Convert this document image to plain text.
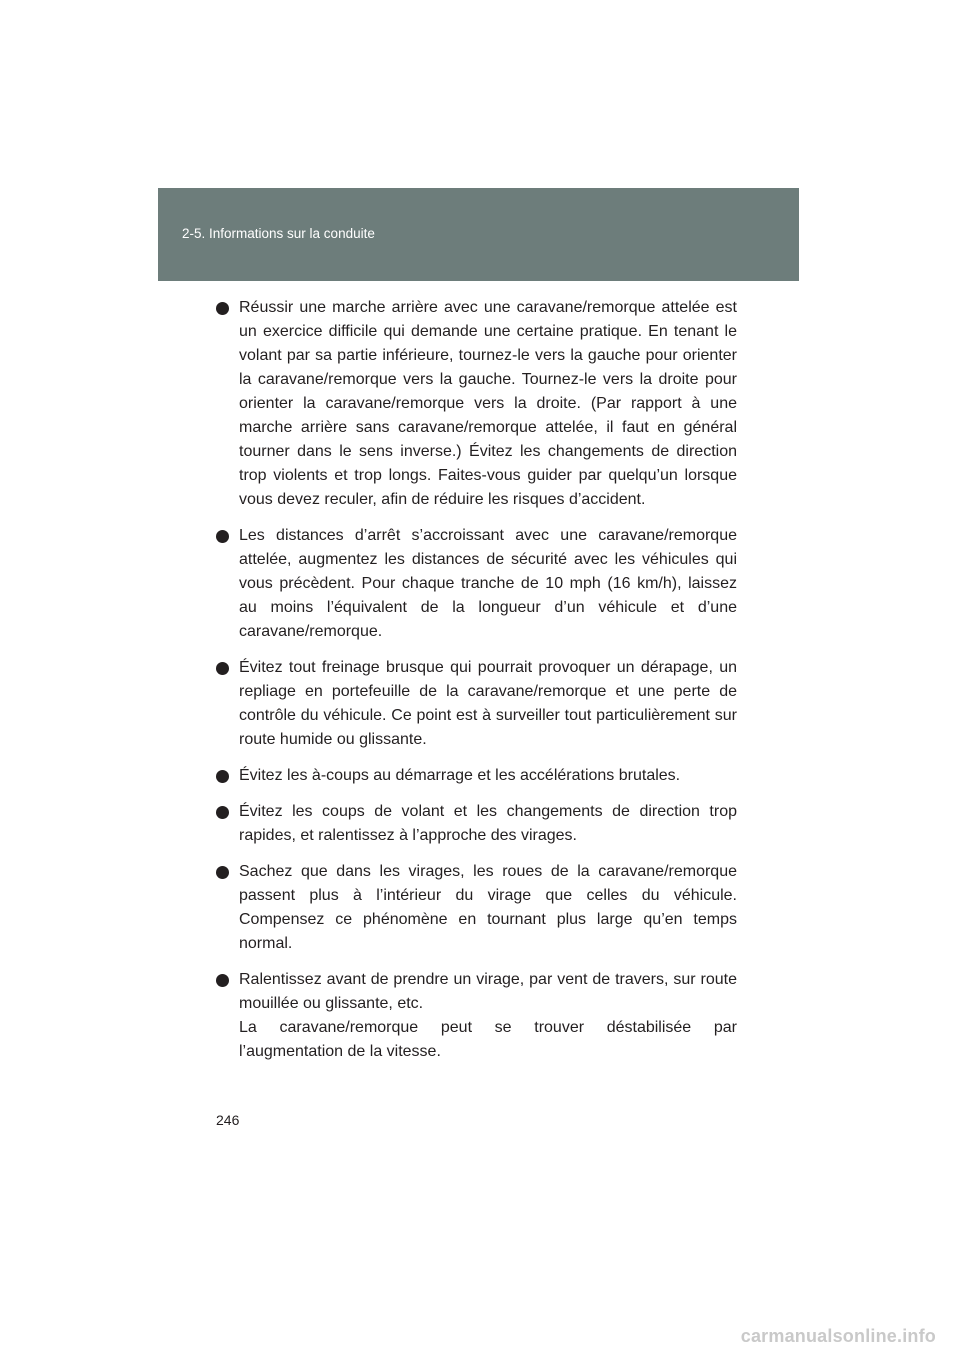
2-5. Informations sur la conduite
Réussir une marche arrière avec une caravane/remorque attelée est un exercice difficile qui demande une certaine pratique. En tenant le volant par sa partie inférieure, tournez-le vers la gauche pour orienter la caravane/remorque vers la gauche. Tournez-le vers la droite pour orienter la caravane/remorque vers la droite. (Par rapport à une marche arrière sans caravane/remorque attelée, il faut en général tourner dans le sens inverse.) Évitez les changements de direction trop violents et trop longs. Faites-vous guider par quelqu’un lorsque vous devez reculer, afin de réduire les risques d’accident.
Les distances d’arrêt s’accroissant avec une caravane/remorque attelée, augmentez les distances de sécurité avec les véhicules qui vous précèdent. Pour chaque tranche de 10 mph (16 km/h), laissez au moins l’équivalent de la longueur d’un véhicule et d’une caravane/remorque.
Évitez tout freinage brusque qui pourrait provoquer un dérapage, un repliage en portefeuille de la caravane/remorque et une perte de contrôle du véhicule. Ce point est à surveiller tout particulièrement sur route humide ou glissante.
Évitez les à-coups au démarrage et les accélérations brutales.
Évitez les coups de volant et les changements de direction trop rapides, et ralentissez à l’approche des virages.
Sachez que dans les virages, les roues de la caravane/remorque passent plus à l’intérieur du virage que celles du véhicule. Compensez ce phénomène en tournant plus large qu’en temps normal.
Ralentissez avant de prendre un virage, par vent de travers, sur route mouillée ou glissante, etc.
La caravane/remorque peut se trouver déstabilisée par
l’augmentation de la vitesse.
246
carmanualsonline.info
